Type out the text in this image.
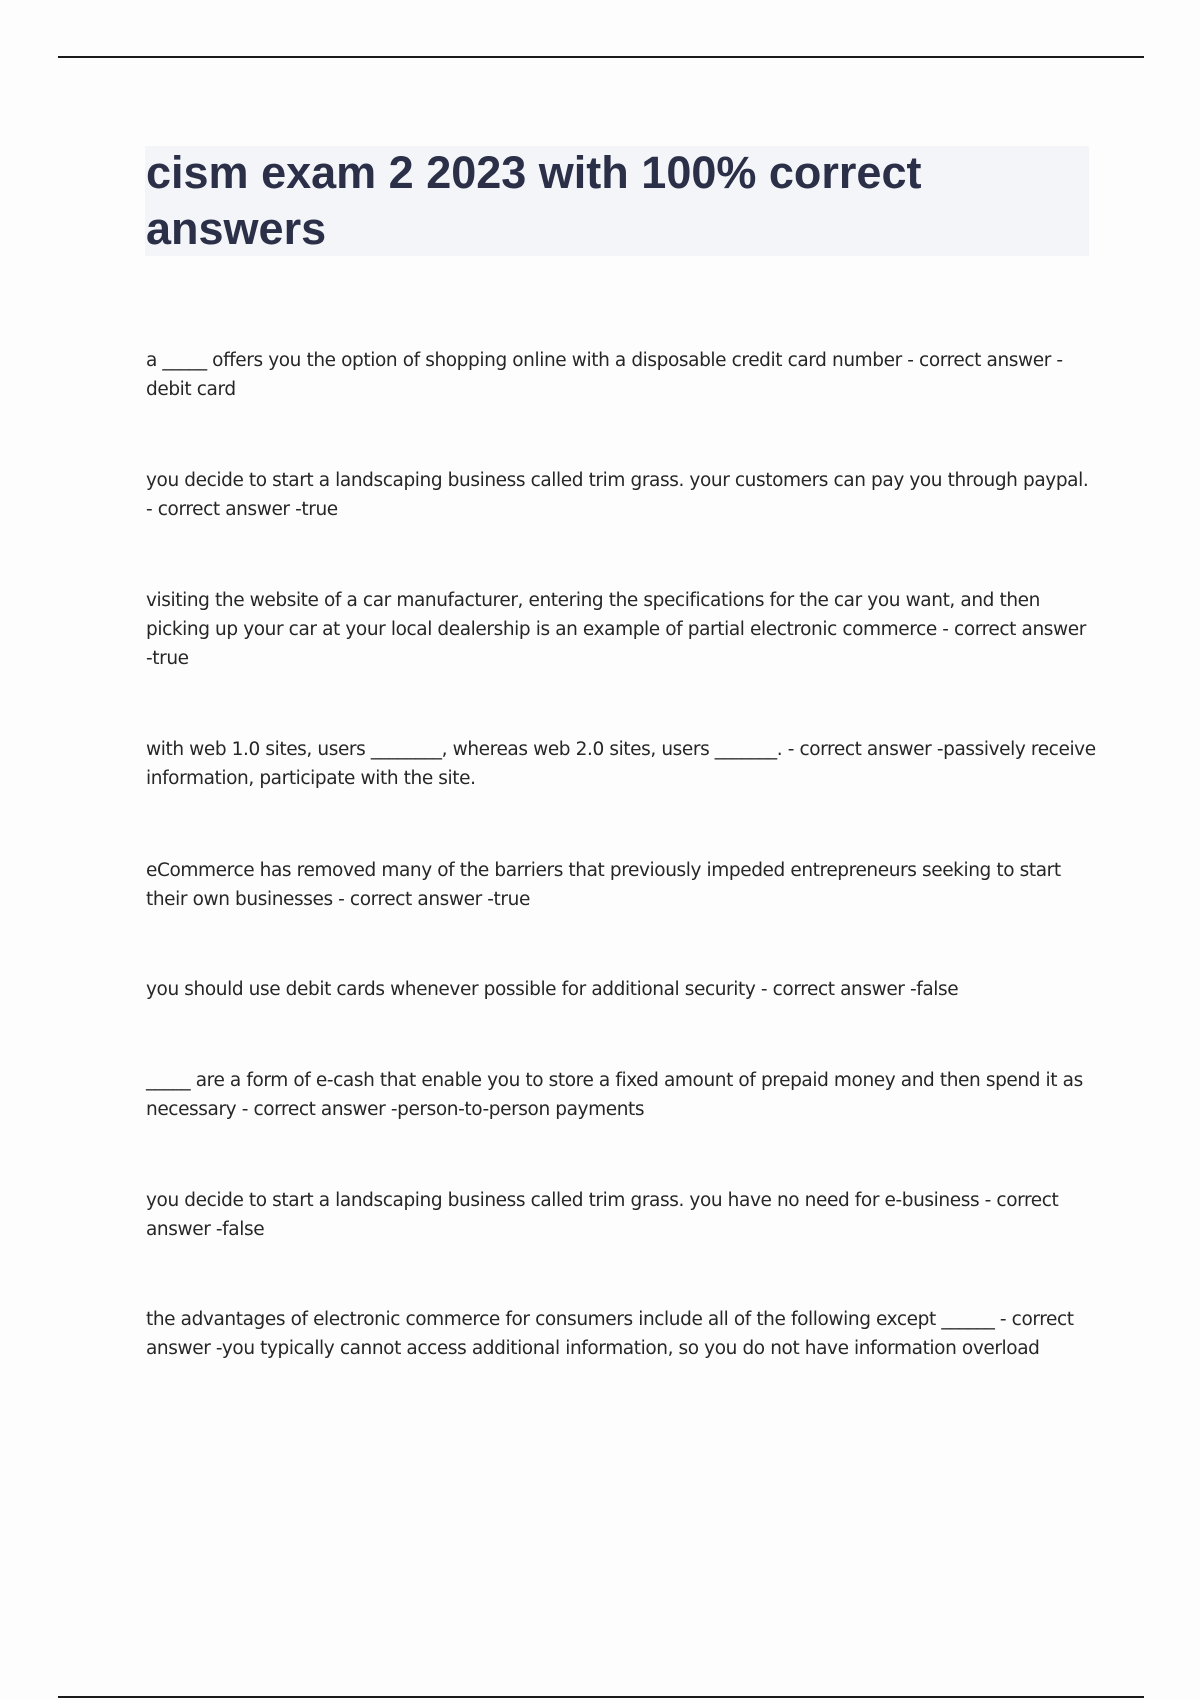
cism exam 2 2023 with 100% correct answers
a _____ offers you the option of shopping online with a disposable credit card number - correct answer -debit card
you decide to start a landscaping business called trim grass. your customers can pay you through paypal. - correct answer -true
visiting the website of a car manufacturer, entering the specifications for the car you want, and then picking up your car at your local dealership is an example of partial electronic commerce - correct answer -true
with web 1.0 sites, users ________, whereas web 2.0 sites, users _______. - correct answer -passively receive information, participate with the site.
eCommerce has removed many of the barriers that previously impeded entrepreneurs seeking to start their own businesses - correct answer -true
you should use debit cards whenever possible for additional security - correct answer -false
_____ are a form of e-cash that enable you to store a fixed amount of prepaid money and then spend it as necessary - correct answer -person-to-person payments
you decide to start a landscaping business called trim grass. you have no need for e-business - correct answer -false
the advantages of electronic commerce for consumers include all of the following except ______ - correct answer -you typically cannot access additional information, so you do not have information overload
